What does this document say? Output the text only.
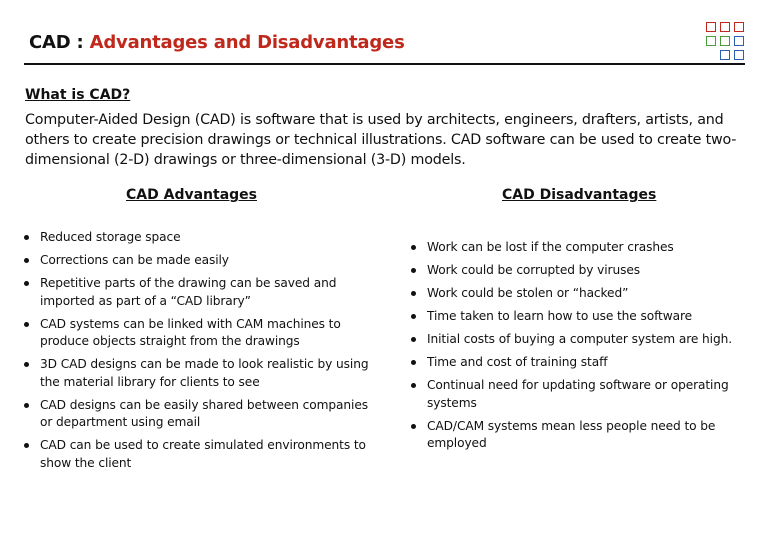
CAD : Advantages and Disadvantages
What is CAD?
Computer-Aided Design (CAD) is software that is used by architects, engineers, drafters, artists, and others to create precision drawings or technical illustrations. CAD software can be used to create two-dimensional (2-D) drawings or three-dimensional (3-D) models.
CAD Advantages
Reduced storage space
Corrections can be made easily
Repetitive parts of the drawing can be saved and imported as part of a “CAD library”
CAD systems can be linked with CAM machines to produce objects straight from the drawings
3D CAD designs can be made to look realistic by using the material library for clients to see
CAD designs can be easily shared between companies or department using email
CAD can be used to create simulated environments to show the client
CAD Disadvantages
Work can be lost if the computer crashes
Work could be corrupted by viruses
Work could be stolen or “hacked”
Time taken to learn how to use the software
Initial costs of buying a computer system are high.
Time and cost of training staff
Continual need for updating software or operating systems
CAD/CAM systems mean less people need to be employed
